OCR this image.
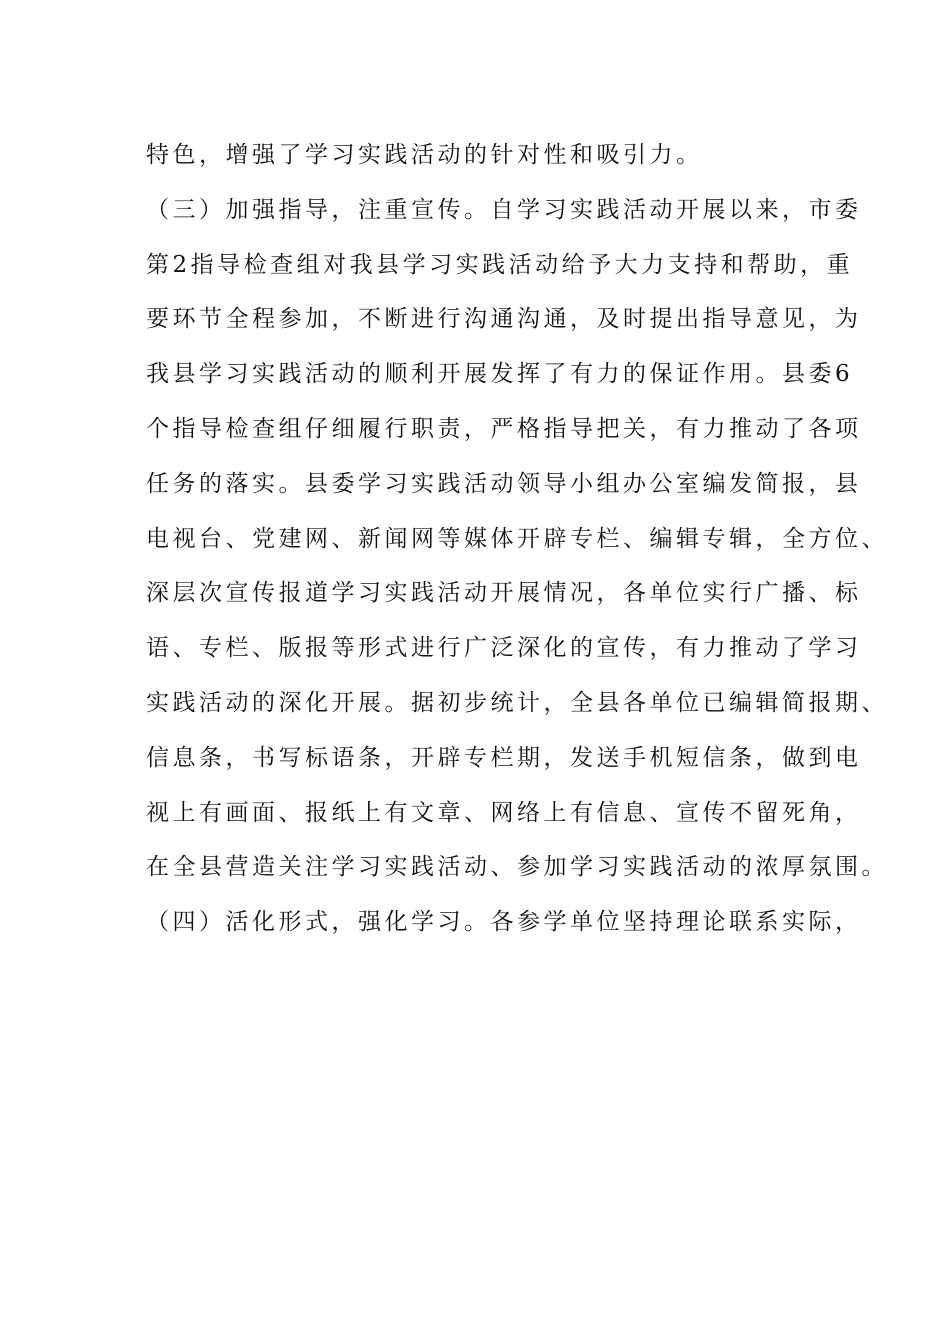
特色，增强了学习实践活动的针对性和吸引力。

（三）加强指导，注重宣传。自学习实践活动开展以来，市委

第2指导检查组对我县学习实践活动给予大力支持和帮助，重

要环节全程参加，不断进行沟通沟通，及时提出指导意见，为

我县学习实践活动的顺利开展发挥了有力的保证作用。县委6

个指导检查组仔细履行职责，严格指导把关，有力推动了各项

任务的落实。县委学习实践活动领导小组办公室编发简报，县

电视台、党建网、新闻网等媒体开辟专栏、编辑专辑，全方位、

深层次宣传报道学习实践活动开展情况，各单位实行广播、标

语、专栏、版报等形式进行广泛深化的宣传，有力推动了学习

实践活动的深化开展。据初步统计，全县各单位已编辑简报期、

信息条，书写标语条，开辟专栏期，发送手机短信条，做到电

视上有画面、报纸上有文章、网络上有信息、宣传不留死角，

在全县营造关注学习实践活动、参加学习实践活动的浓厚氛围。

（四）活化形式，强化学习。各参学单位坚持理论联系实际，
